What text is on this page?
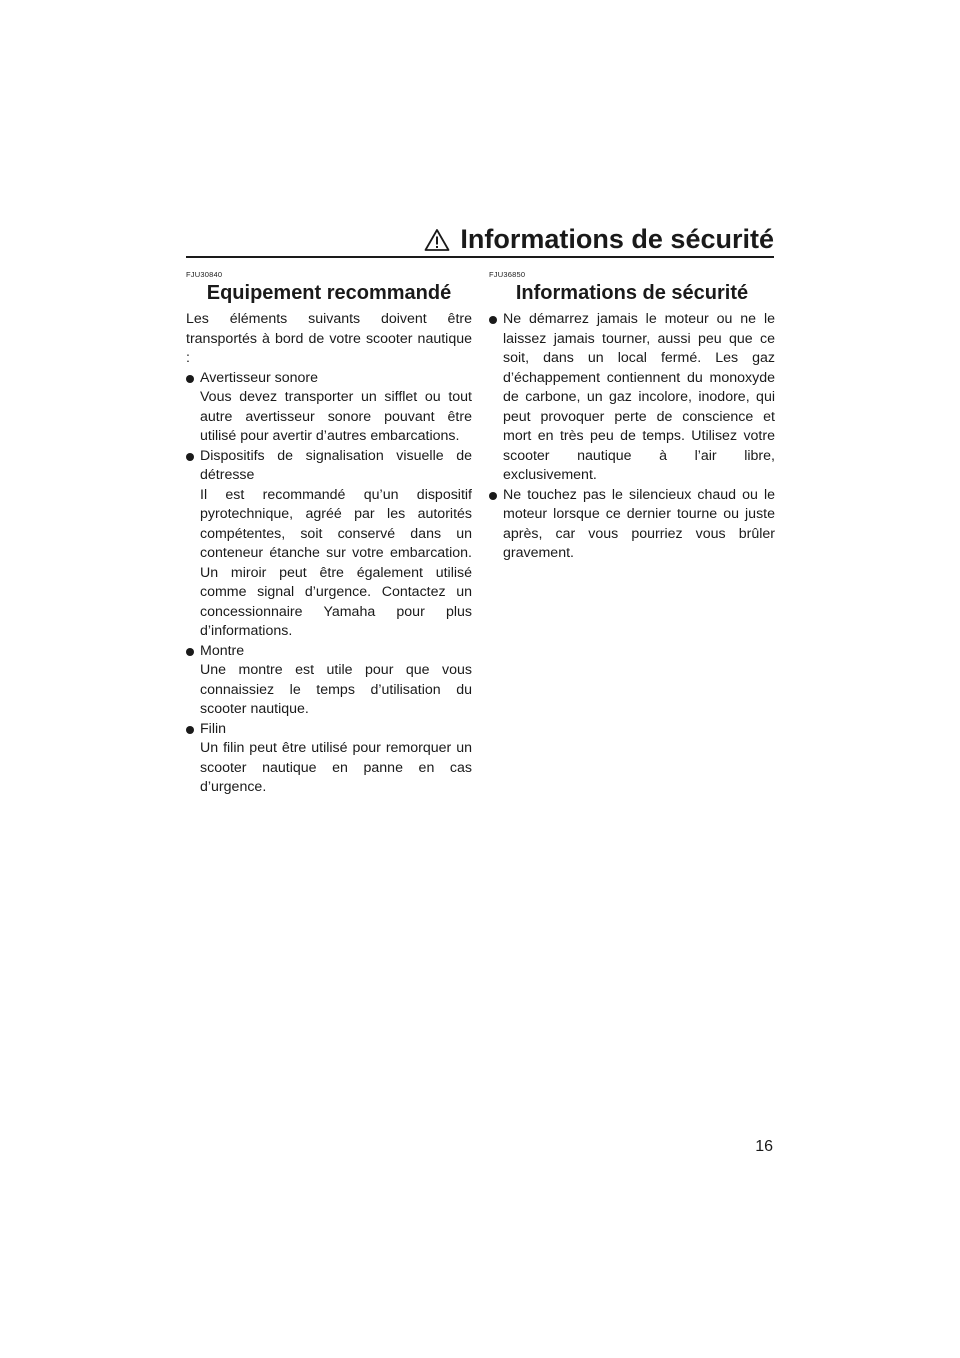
Informations de sécurité
FJU30840
Equipement recommandé

Les éléments suivants doivent être transportés à bord de votre scooter nautique :

Avertisseur sonore
Vous devez transporter un sifflet ou tout autre avertisseur sonore pouvant être utilisé pour avertir d’autres embarcations.
Dispositifs de signalisation visuelle de détresse
Il est recommandé qu’un dispositif pyrotechnique, agréé par les autorités compétentes, soit conservé dans un conteneur étanche sur votre embarcation. Un miroir peut être également utilisé comme signal d’urgence. Contactez un concessionnaire Yamaha pour plus d’informations.
Montre
Une montre est utile pour que vous connaissiez le temps d’utilisation du scooter nautique.
Filin
Un filin peut être utilisé pour remorquer un scooter nautique en panne en cas d’urgence.
FJU36850
Informations de sécurité
Ne démarrez jamais le moteur ou ne le laissez jamais tourner, aussi peu que ce soit, dans un local fermé. Les gaz d’échappement contiennent du monoxyde de carbone, un gaz incolore, inodore, qui peut provoquer perte de conscience et mort en très peu de temps. Utilisez votre scooter nautique à l’air libre, exclusivement.
Ne touchez pas le silencieux chaud ou le moteur lorsque ce dernier tourne ou juste après, car vous pourriez vous brûler gravement.
16
